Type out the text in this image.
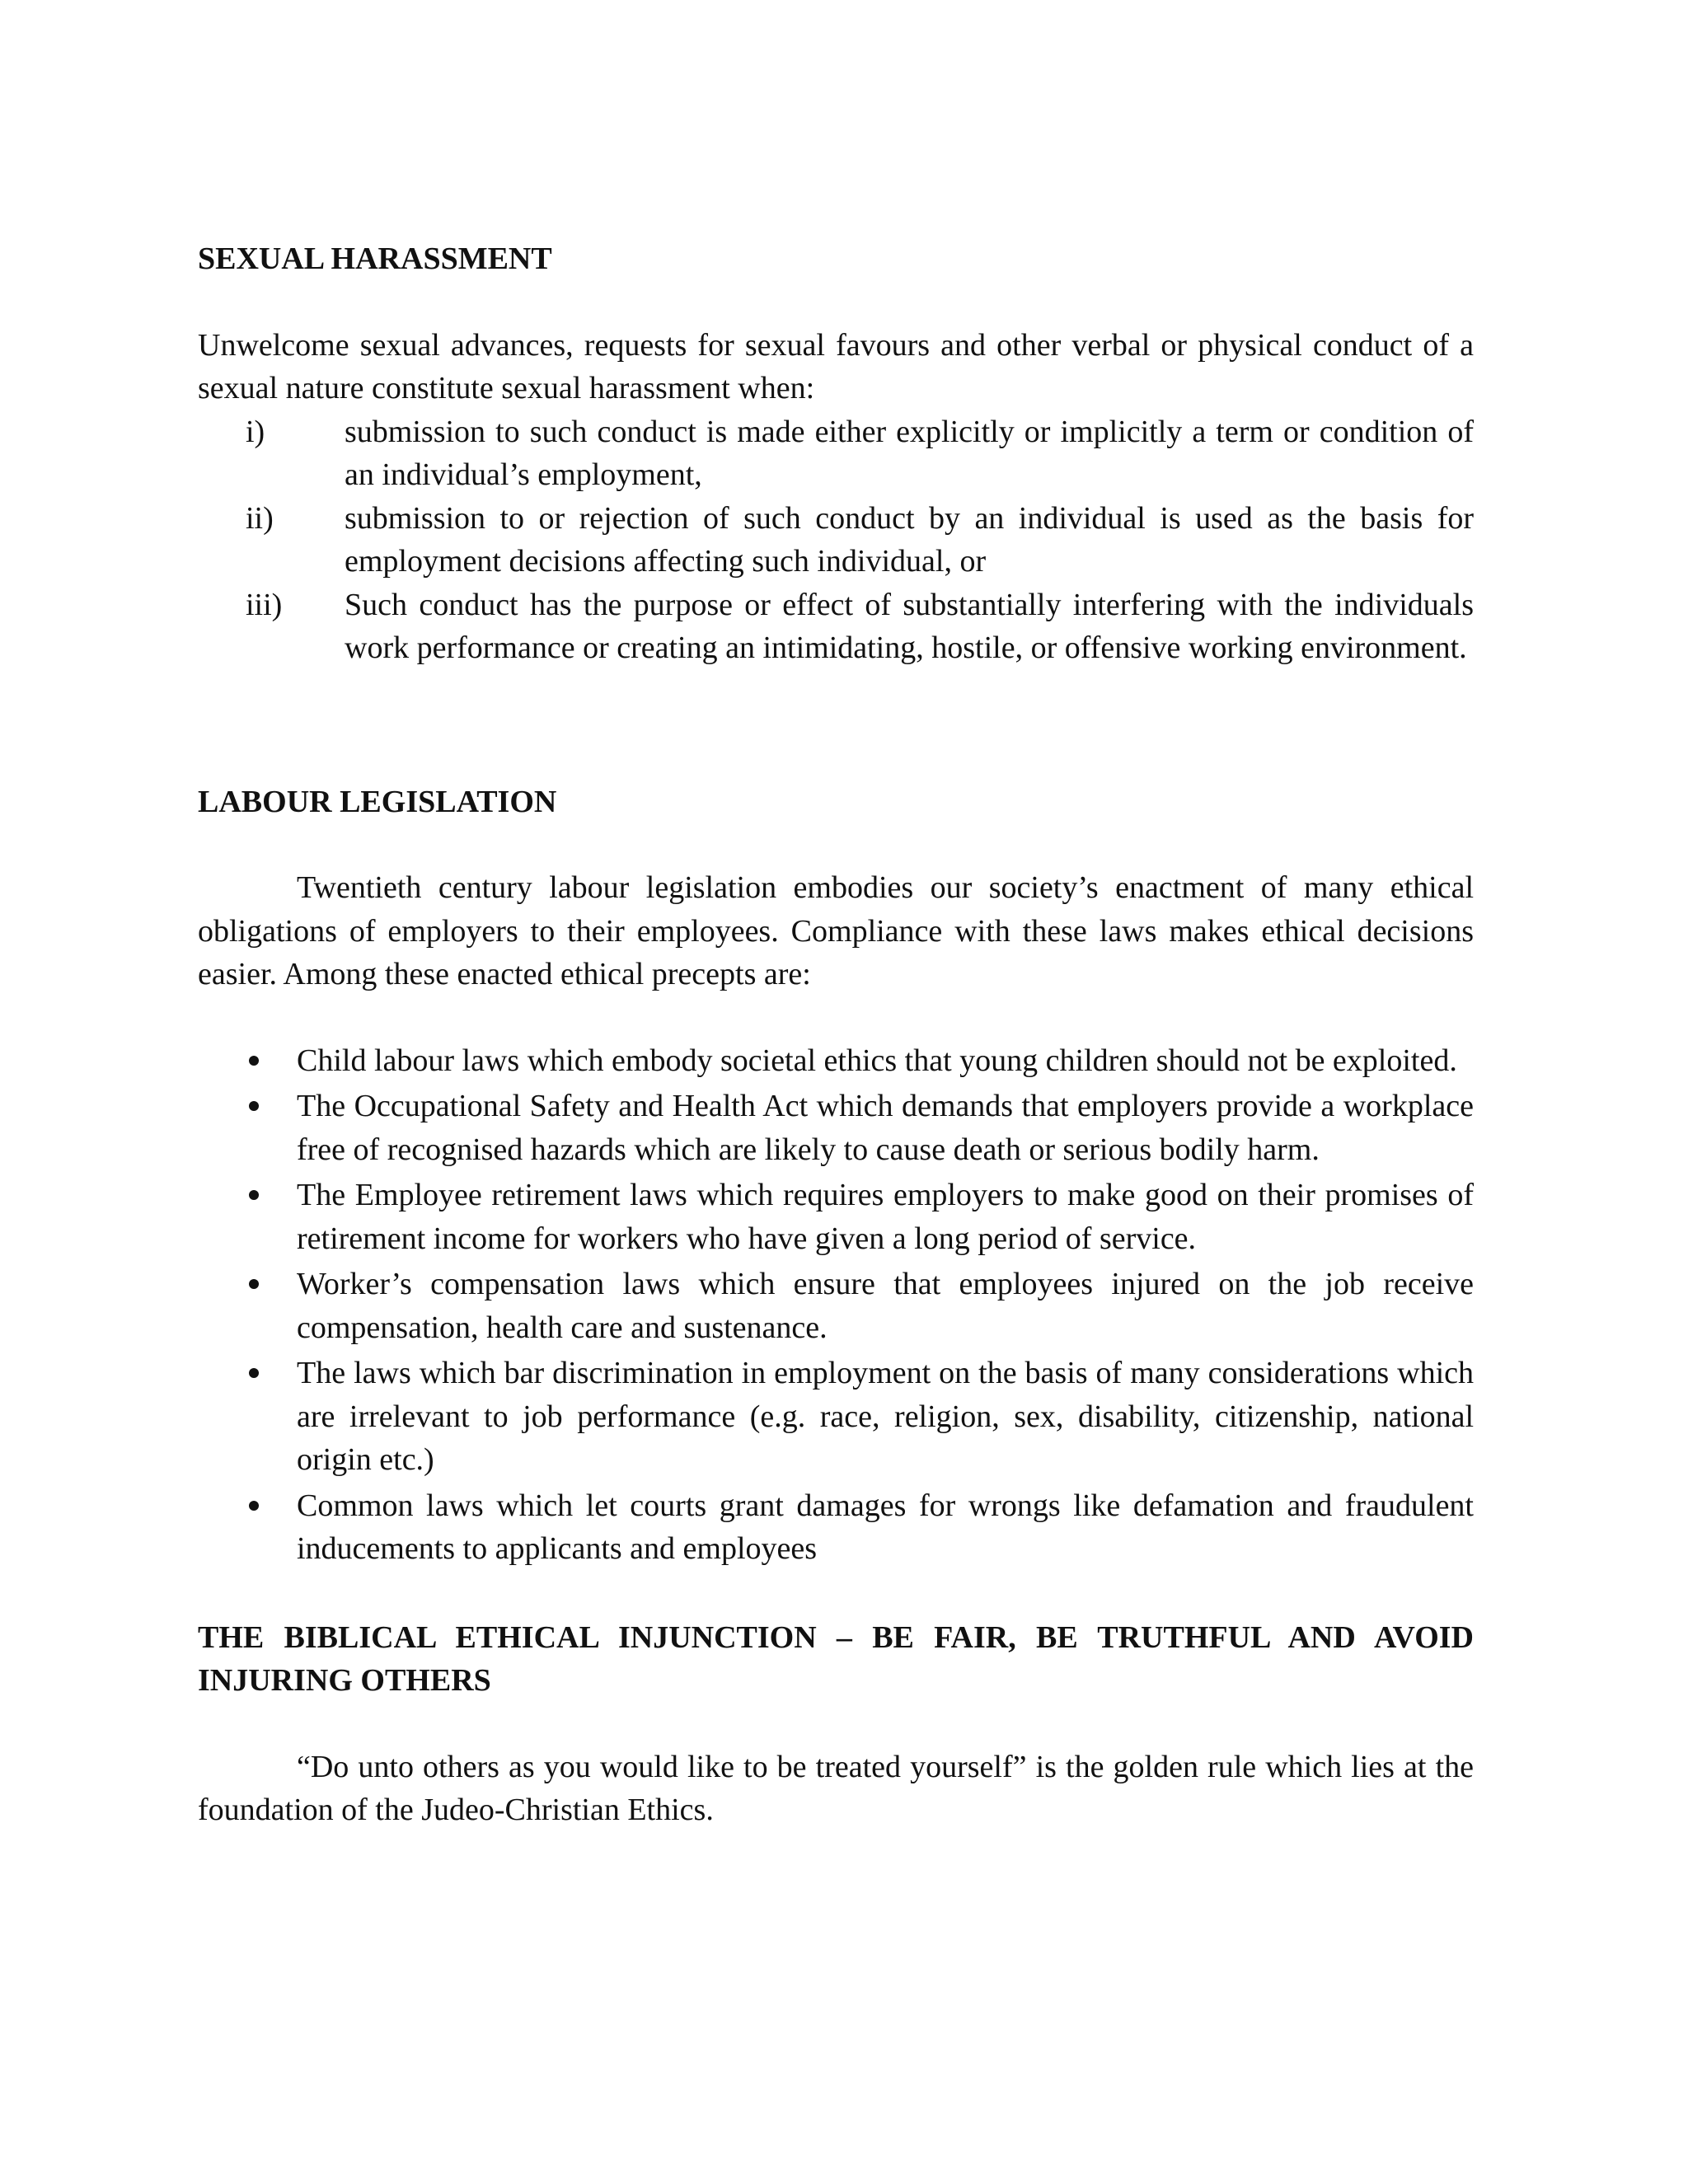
SEXUAL HARASSMENT

Unwelcome sexual advances, requests for sexual favours and other verbal or physical conduct of a sexual nature constitute sexual harassment when:

i)	submission to such conduct is made either explicitly or implicitly a term or condition of an individual’s employment,
ii) submission to or rejection of such conduct by an individual is used as the basis for employment decisions affecting such individual, or
iii) Such conduct has the purpose or effect of substantially interfering with the individuals work performance or creating an intimidating, hostile, or offensive working environment.

LABOUR LEGISLATION

Twentieth century labour legislation embodies our society’s enactment of many ethical obligations of employers to their employees. Compliance with these laws makes ethical decisions easier. Among these enacted ethical precepts are:

Child labour laws which embody societal ethics that young children should not be exploited.
The Occupational Safety and Health Act which demands that employers provide a workplace free of recognised hazards which are likely to cause death or serious bodily harm.
The Employee retirement laws which requires employers to make good on their promises of retirement income for workers who have given a long period of service.
Worker’s compensation laws which ensure that employees injured on the job receive compensation, health care and sustenance.
The laws which bar discrimination in employment on the basis of many considerations which are irrelevant to job performance (e.g. race, religion, sex, disability, citizenship, national origin etc.)
Common laws which let courts grant damages for wrongs like defamation and fraudulent inducements to applicants and employees

THE BIBLICAL ETHICAL INJUNCTION – BE FAIR, BE TRUTHFUL AND AVOID INJURING OTHERS

“Do unto others as you would like to be treated yourself” is the golden rule which lies at the foundation of the Judeo-Christian Ethics.
